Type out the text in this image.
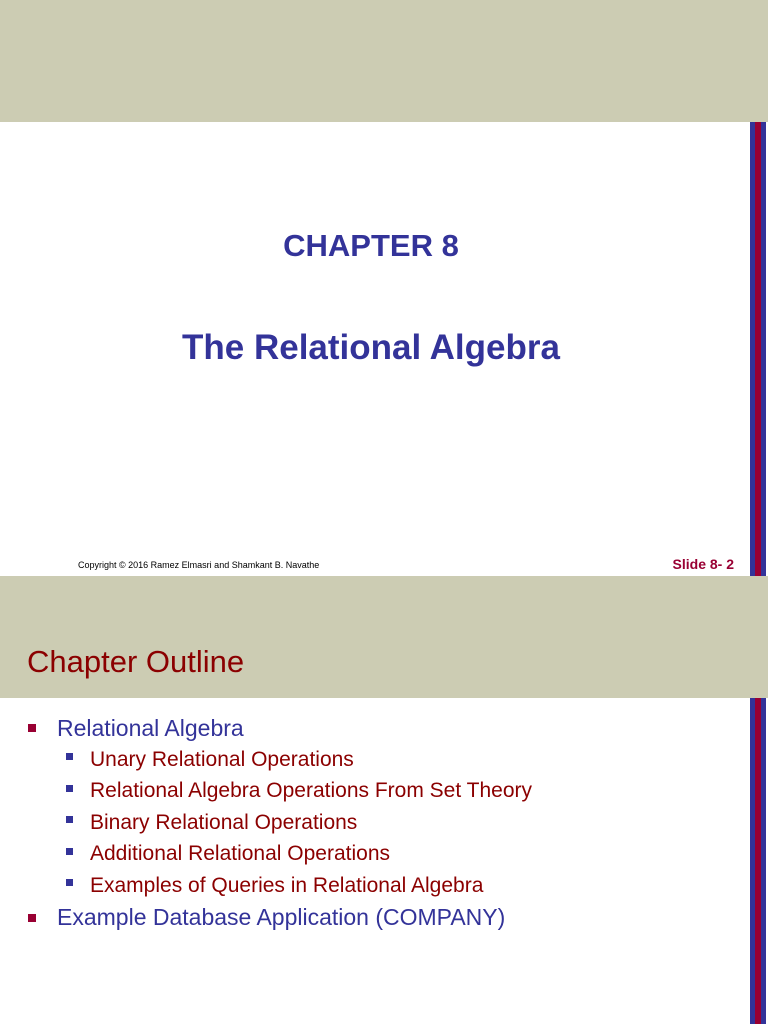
CHAPTER 8
The Relational Algebra
Copyright © 2016 Ramez Elmasri and Shamkant B. Navathe	Slide 8- 2
Chapter Outline
Relational Algebra
Unary Relational Operations
Relational Algebra Operations From Set Theory
Binary Relational Operations
Additional Relational Operations
Examples of Queries in Relational Algebra
Example Database Application (COMPANY)
